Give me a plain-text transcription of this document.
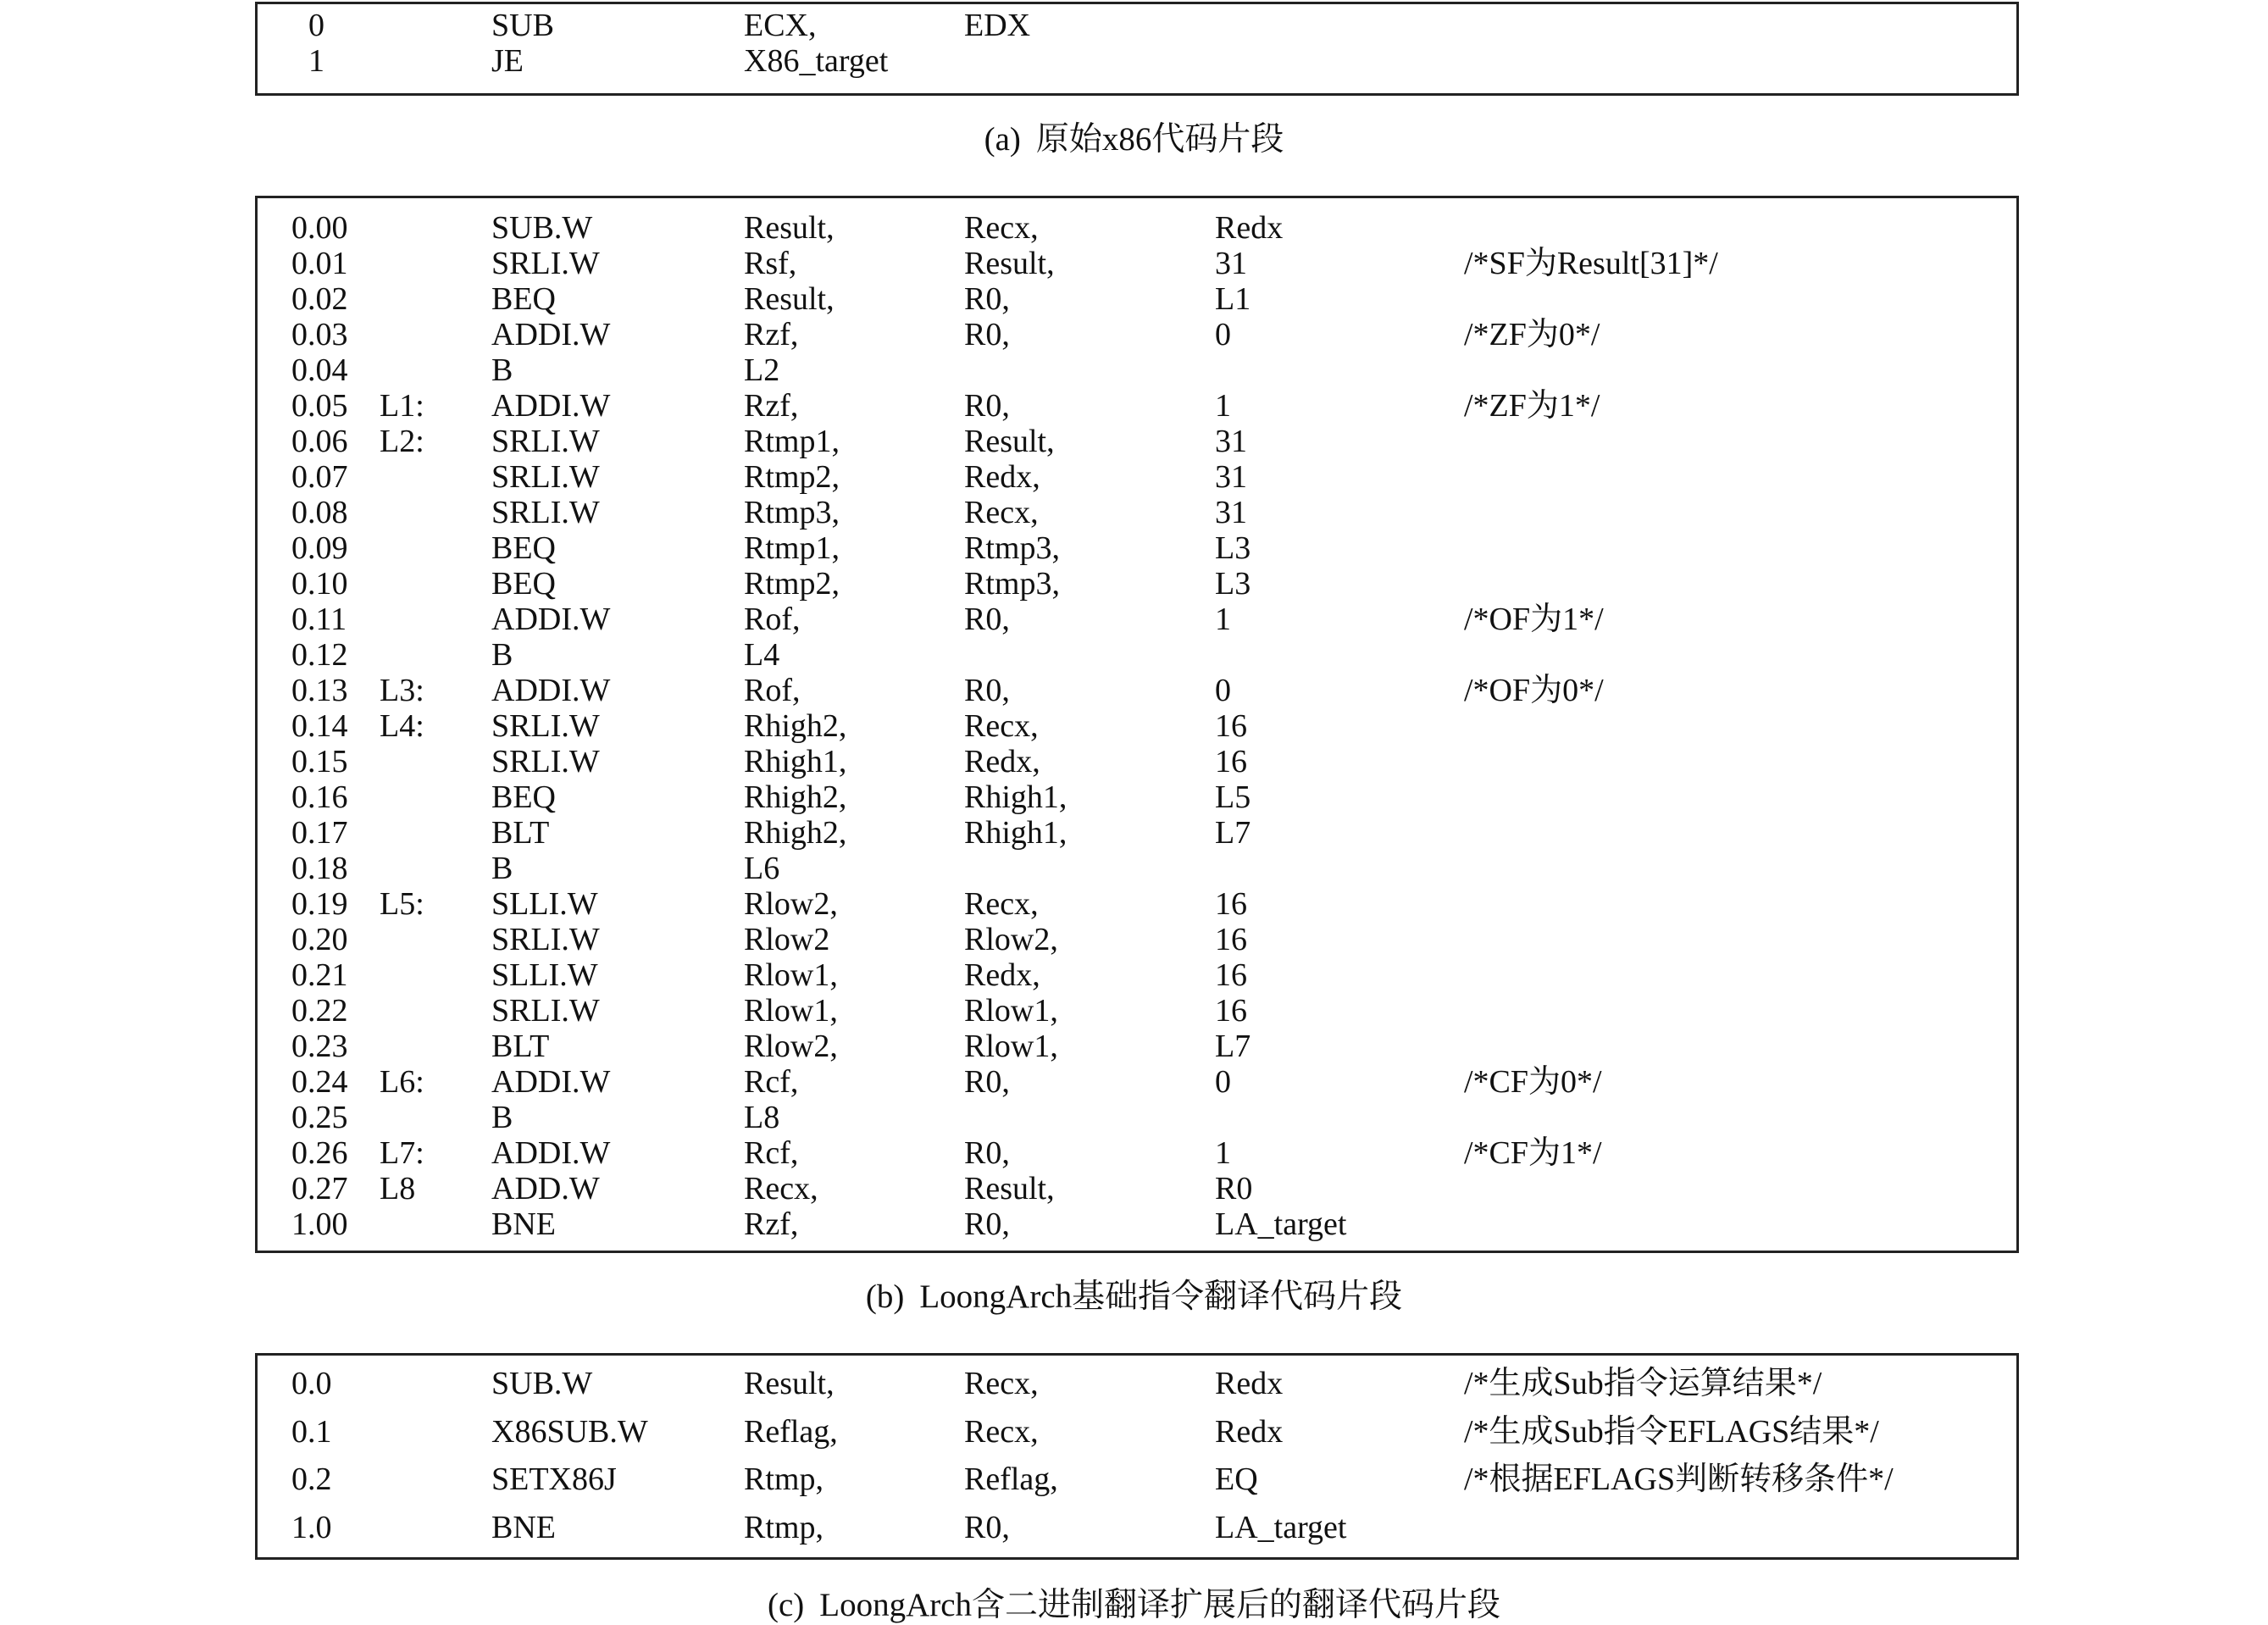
0	SUB	ECX,	EDX
1	JE	X86_target
(a) 原始x86代码片段
0.00	SUB.W	Result,	Recx,	Redx
0.01	SRLI.W	Rsf,	Result,	31	/*SF为Result[31]*/
0.02	BEQ	Result,	R0,	L1
0.03	ADDI.W	Rzf,	R0,	0	/*ZF为0*/
0.04	B	L2
0.05 L1: ADDI.W	Rzf,	R0,	1	/*ZF为1*/
0.06 L2: SRLI.W	Rtmp1,	Result,	31
0.07	SRLI.W	Rtmp2,	Redx,	31
0.08	SRLI.W	Rtmp3,	Recx,	31
0.09	BEQ	Rtmp1,	Rtmp3,	L3
0.10	BEQ	Rtmp2,	Rtmp3,	L3
0.11	ADDI.W	Rof,	R0,	1	/*OF为1*/
0.12	B	L4
0.13 L3: ADDI.W	Rof,	R0,	0	/*OF为0*/
0.14 L4: SRLI.W	Rhigh2,	Recx,	16
0.15	SRLI.W	Rhigh1,	Redx,	16
0.16	BEQ	Rhigh2,	Rhigh1,	L5
0.17	BLT	Rhigh2,	Rhigh1,	L7
0.18	B	L6
0.19 L5: SLLI.W	Rlow2,	Recx,	16
0.20	SRLI.W	Rlow2	Rlow2,	16
0.21	SLLI.W	Rlow1,	Redx,	16
0.22	SRLI.W	Rlow1,	Rlow1,	16
0.23	BLT	Rlow2,	Rlow1,	L7
0.24 L6: ADDI.W	Rcf,	R0,	0	/*CF为0*/
0.25	B	L8
0.26 L7: ADDI.W	Rcf,	R0,	1	/*CF为1*/
0.27 L8 ADD.W	Recx,	Result,	R0
1.00	BNE	Rzf,	R0,	LA_target
(b) LoongArch基础指令翻译代码片段
0.0	SUB.W	Result,	Recx,	Redx	/*生成Sub指令运算结果*/
0.1	X86SUB.W	Reflag,	Recx,	Redx	/*生成Sub指令EFLAGS结果*/
0.2	SETX86J	Rtmp,	Reflag,	EQ	/*根据EFLAGS判断转移条件*/
1.0	BNE	Rtmp,	R0,	LA_target
(c) LoongArch含二进制翻译扩展后的翻译代码片段
